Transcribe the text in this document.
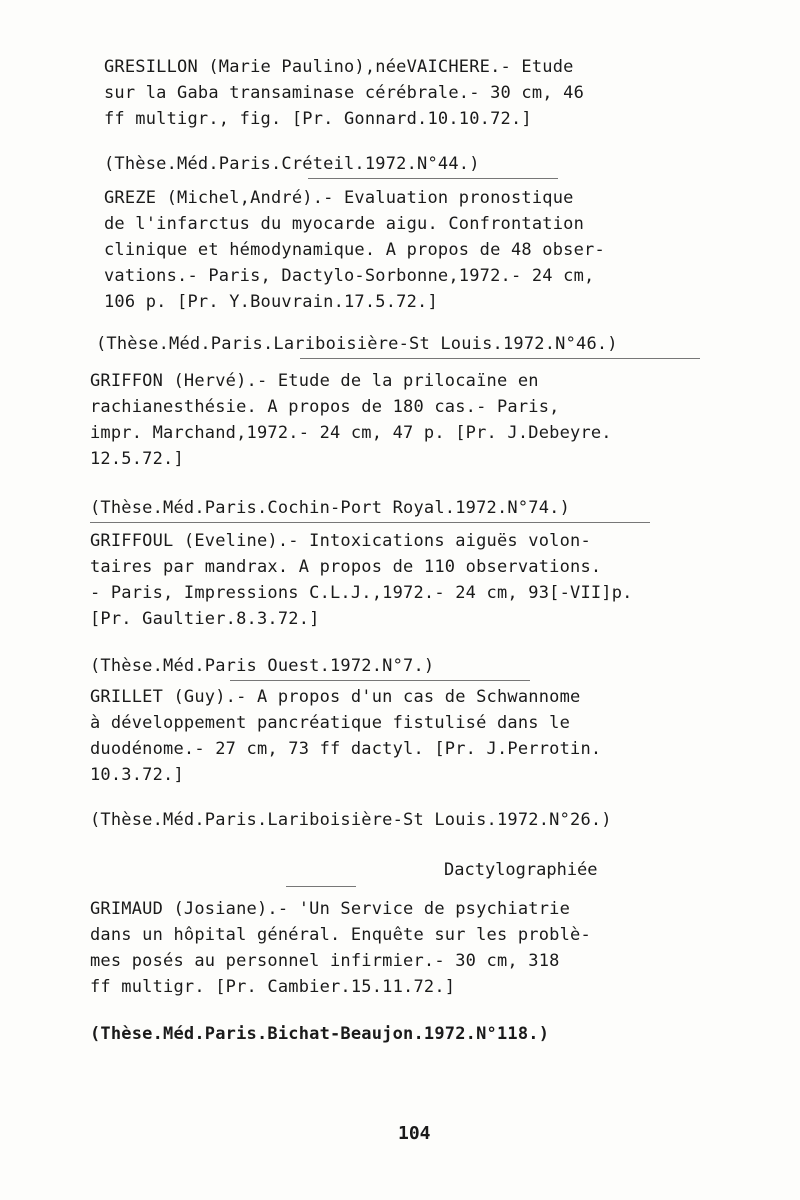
GRESILLON (Marie Paulino),néeVAICHERE.- Etude
sur la Gaba transaminase cérébrale.- 30 cm, 46
ff multigr., fig. [Pr. Gonnard.10.10.72.]
(Thèse.Méd.Paris.Créteil.1972.N°44.)
GREZE (Michel,André).- Evaluation pronostique
de l'infarctus du myocarde aigu. Confrontation
clinique et hémodynamique. A propos de 48 obser-
vations.- Paris, Dactylo-Sorbonne,1972.- 24 cm,
106 p. [Pr. Y.Bouvrain.17.5.72.]
(Thèse.Méd.Paris.Lariboisière-St Louis.1972.N°46.)
GRIFFON (Hervé).- Etude de la prilocaïne en
rachianesthésie. A propos de 180 cas.- Paris,
impr. Marchand,1972.- 24 cm, 47 p. [Pr. J.Debeyre.
12.5.72.]
(Thèse.Méd.Paris.Cochin-Port Royal.1972.N°74.)
GRIFFOUL (Eveline).- Intoxications aiguës volon-
taires par mandrax. A propos de 110 observations.
- Paris, Impressions C.L.J.,1972.- 24 cm, 93[-VII]p.
[Pr. Gaultier.8.3.72.]
(Thèse.Méd.Paris Ouest.1972.N°7.)
GRILLET (Guy).- A propos d'un cas de Schwannome
à développement pancréatique fistulisé dans le
duodénome.- 27 cm, 73 ff dactyl. [Pr. J.Perrotin.
10.3.72.]
(Thèse.Méd.Paris.Lariboisière-St Louis.1972.N°26.)
Dactylographiée
GRIMAUD (Josiane).- 'Un Service de psychiatrie
dans un hôpital général. Enquête sur les problè-
mes posés au personnel infirmier.- 30 cm, 318
ff multigr. [Pr. Cambier.15.11.72.]
(Thèse.Méd.Paris.Bichat-Beaujon.1972.N°118.)
104
